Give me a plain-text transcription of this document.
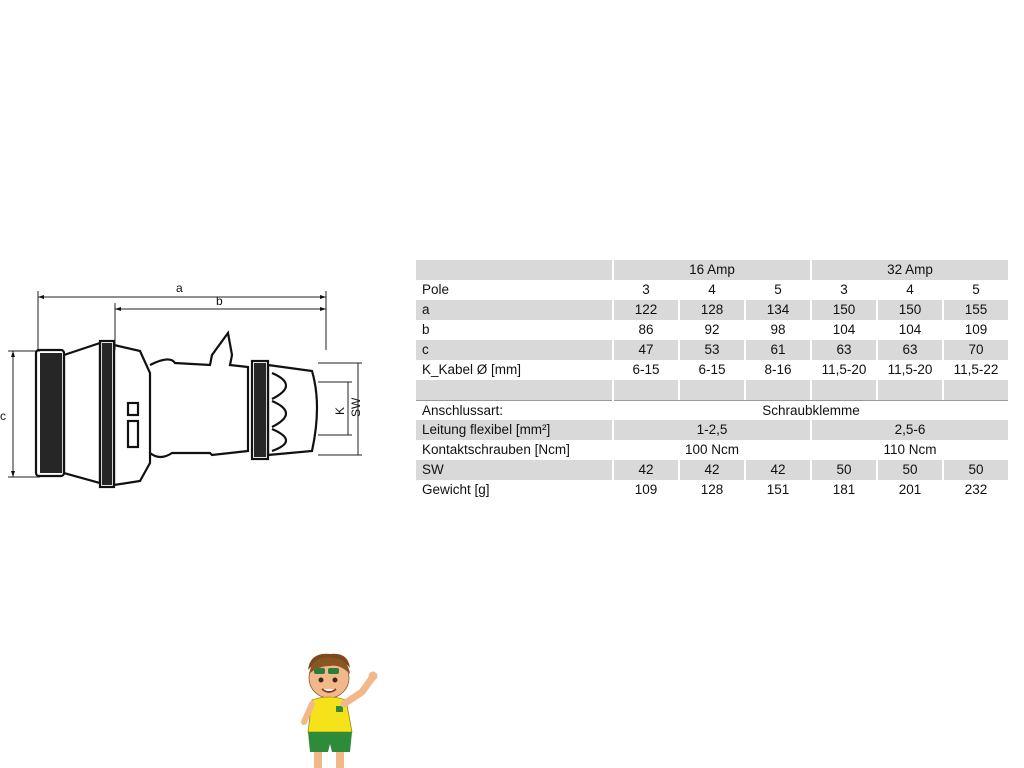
a
b
c	K SW
	16 Amp			32 Amp		
Pole	3	4	5	3	4	5
a	122	128	134	150	150	155
b	86	92	98	104	104	109
c	47	53	61	63	63	70
K_Kabel Ø [mm]	6-15	6-15	8-16	11,5-20	11,5-20	11,5-22

Anschlussart:	Schraubklemme					
Leitung flexibel [mm²]	1-2,5			2,5-6		
Kontaktschrauben [Ncm]	100 Ncm			110 Ncm		
SW	42	42	42	50	50	50
Gewicht [g]	109	128	151	181	201	232
